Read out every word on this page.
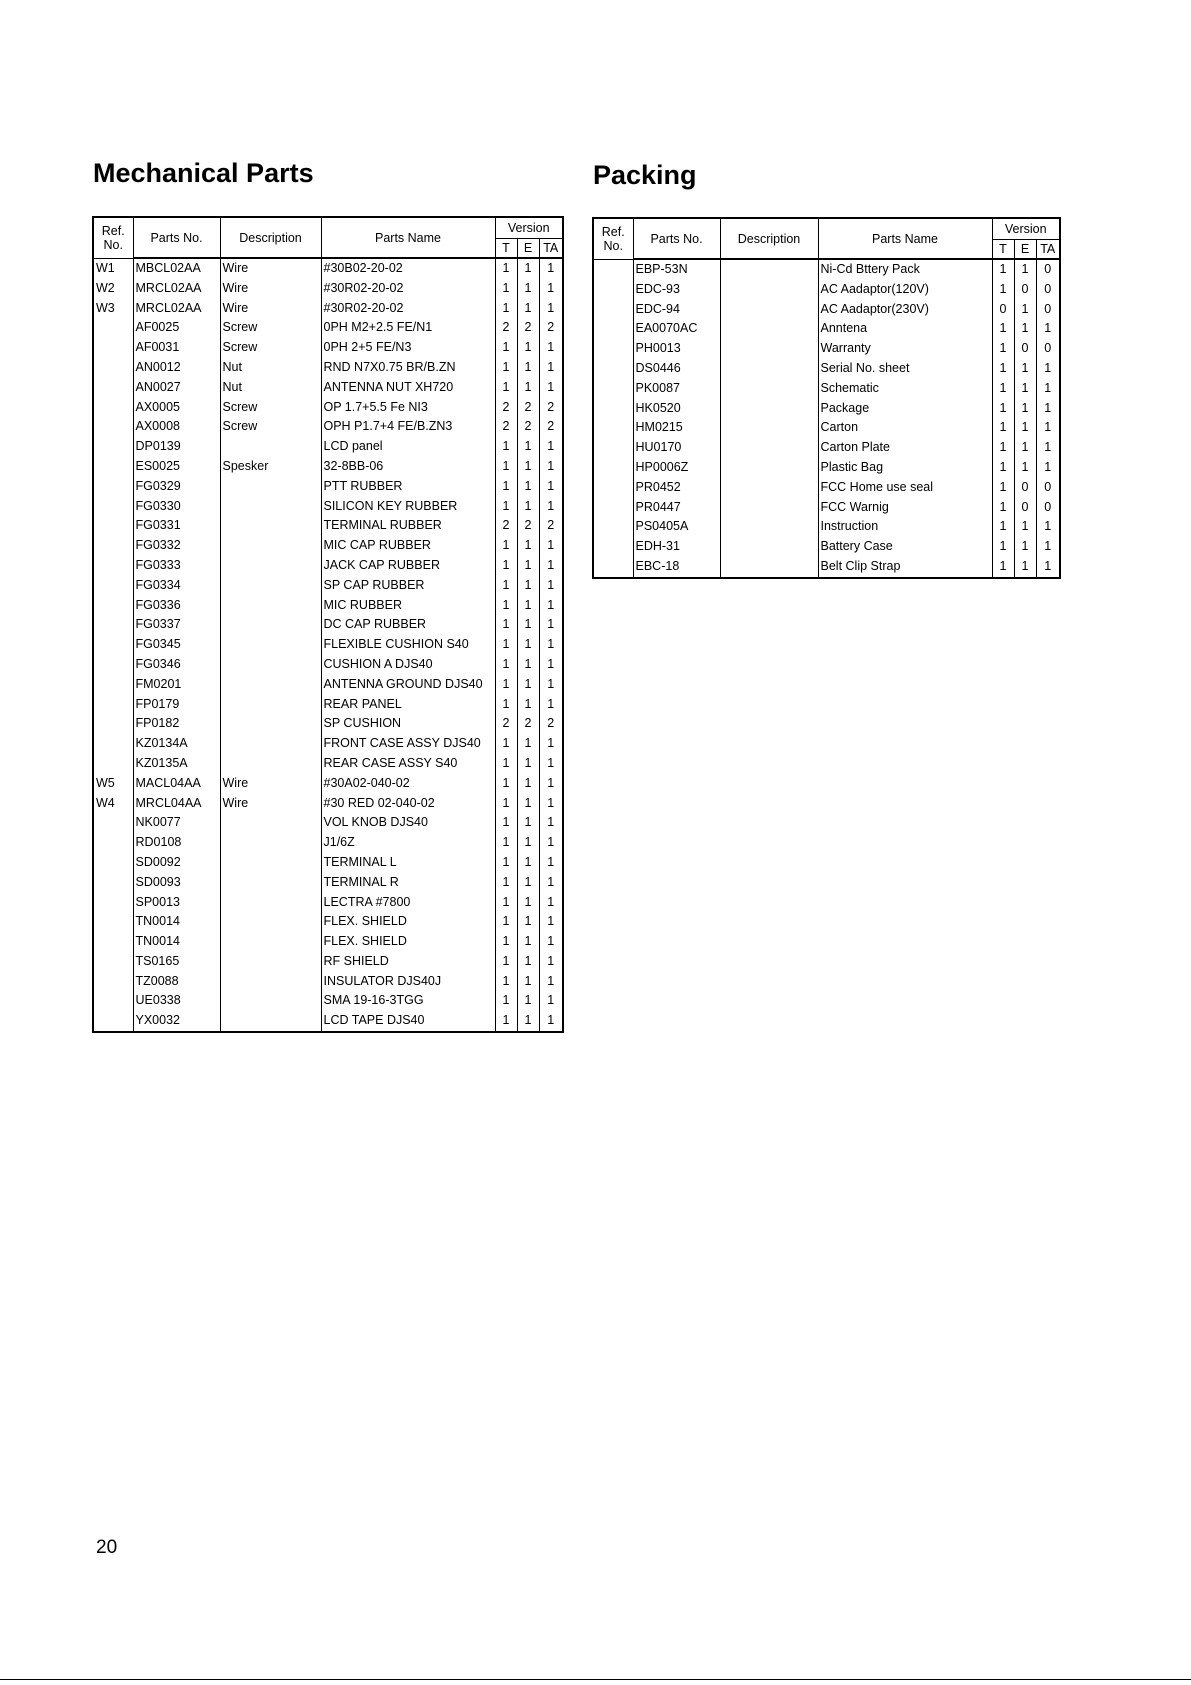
Mechanical Parts	Packing
Ref.
No.	Parts No.	Description	Parts Name	Version		
				T	E	TA
W1	MBCL02AA	Wire	#30B02-20-02	1	1	1
W2	MRCL02AA	Wire	#30R02-20-02	1	1	1
W3	MRCL02AA	Wire	#30R02-20-02	1	1	1
	AF0025	Screw	0PH M2+2.5 FE/N1	2	2	2
	AF0031	Screw	0PH 2+5 FE/N3	1	1	1
	AN0012	Nut	RND N7X0.75 BR/B.ZN	1	1	1
	AN0027	Nut	ANTENNA NUT XH720	1	1	1
	AX0005	Screw	OP 1.7+5.5 Fe NI3	2	2	2
	AX0008	Screw	OPH P1.7+4 FE/B.ZN3	2	2	2
	DP0139		LCD panel	1	1	1
	ES0025	Spesker	32-8BB-06	1	1	1
	FG0329		PTT RUBBER	1	1	1
	FG0330		SILICON KEY RUBBER	1	1	1
	FG0331		TERMINAL RUBBER	2	2	2
	FG0332		MIC CAP RUBBER	1	1	1
	FG0333		JACK CAP RUBBER	1	1	1
	FG0334		SP CAP RUBBER	1	1	1
	FG0336		MIC RUBBER	1	1	1
	FG0337		DC CAP RUBBER	1	1	1
	FG0345		FLEXIBLE CUSHION S40	1	1	1
	FG0346		CUSHION A DJS40	1	1	1
	FM0201		ANTENNA GROUND DJS40	1	1	1
	FP0179		REAR PANEL	1	1	1
	FP0182		SP CUSHION	2	2	2
	KZ0134A		FRONT CASE ASSY DJS40	1	1	1
	KZ0135A		REAR CASE ASSY S40	1	1	1
W5	MACL04AA	Wire	#30A02-040-02	1	1	1
W4	MRCL04AA	Wire	#30 RED 02-040-02	1	1	1
	NK0077		VOL KNOB DJS40	1	1	1
	RD0108		J1/6Z	1	1	1
	SD0092		TERMINAL L	1	1	1
	SD0093		TERMINAL R	1	1	1
	SP0013		LECTRA #7800	1	1	1
	TN0014		FLEX. SHIELD	1	1	1
	TN0014		FLEX. SHIELD	1	1	1
	TS0165		RF SHIELD	1	1	1
	TZ0088		INSULATOR DJS40J	1	1	1
	UE0338		SMA 19-16-3TGG	1	1	1
	YX0032		LCD TAPE DJS40	1	1	1
Ref.
No.	Parts No.	Description	Parts Name	Version		
				T	E	TA
	EBP-53N		Ni-Cd Bttery Pack	1	1	0
	EDC-93		AC Aadaptor(120V)	1	0	0
	EDC-94		AC Aadaptor(230V)	0	1	0
	EA0070AC		Anntena	1	1	1
	PH0013		Warranty	1	0	0
	DS0446		Serial No. sheet	1	1	1
	PK0087		Schematic	1	1	1
	HK0520		Package	1	1	1
	HM0215		Carton	1	1	1
	HU0170		Carton Plate	1	1	1
	HP0006Z		Plastic Bag	1	1	1
	PR0452		FCC Home use seal	1	0	0
	PR0447		FCC Warnig	1	0	0
	PS0405A		Instruction	1	1	1
	EDH-31		Battery Case	1	1	1
	EBC-18		Belt Clip Strap	1	1	1
20
